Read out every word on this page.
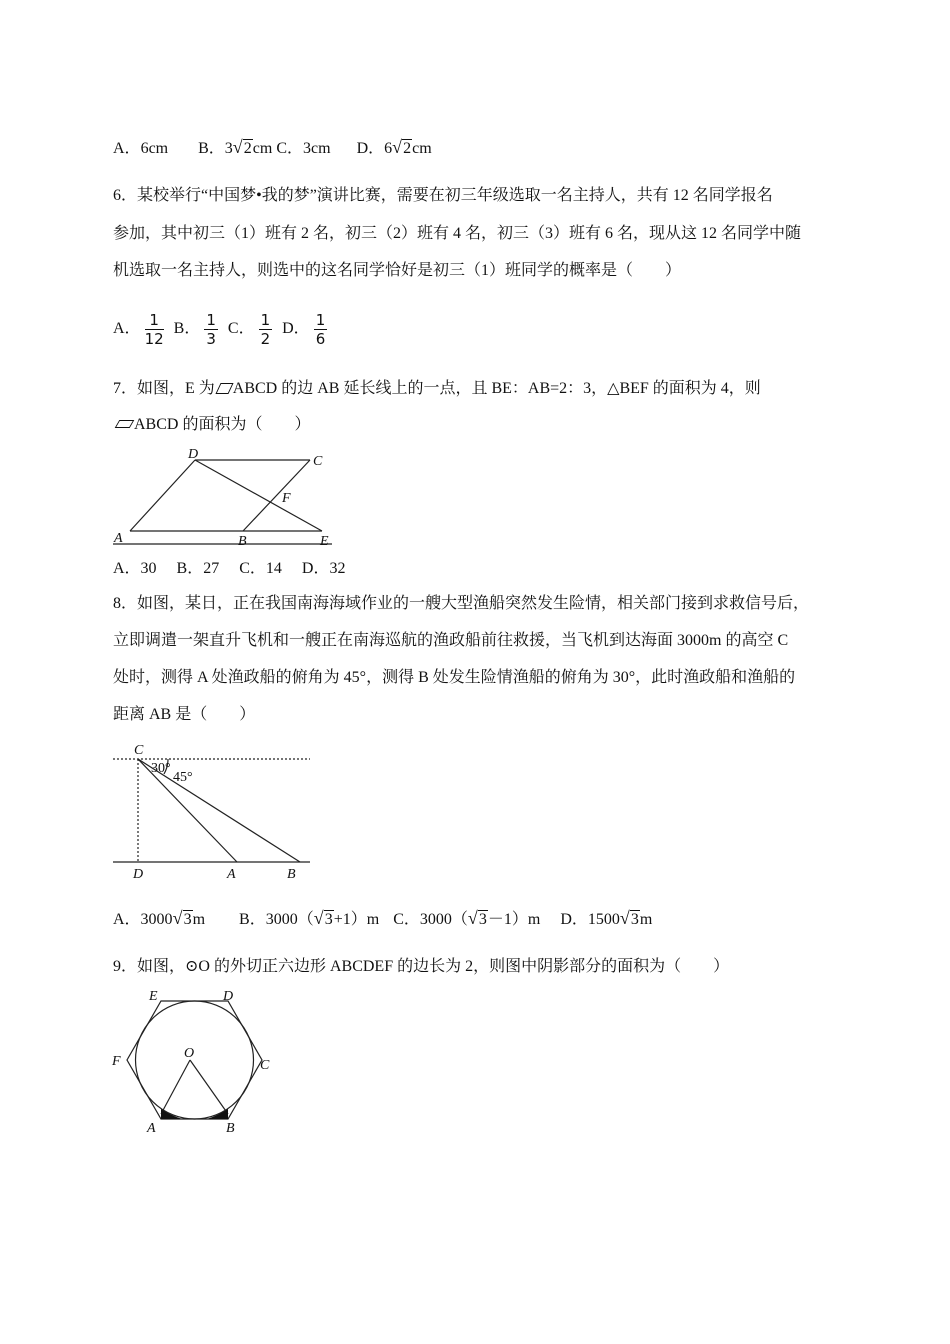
A．6cm B．3 √ 2cm C．3cm D．6 √ 2cm
6．某校举行“中国梦•我的梦”演讲比赛，需要在初三年级选取一名主持人，共有 12 名同学报名
参加，其中初三（1）班有 2 名，初三（2）班有 4 名，初三（3）班有 6 名，现从这 12 名同学中随
机选取一名主持人，则选中的这名同学恰好是初三（1）班同学的概率是（　　）
A． $\frac{1}{12}$ B． $\frac{1}{3}$ C． $\frac{1}{2}$ D． $\frac{1}{6}$
7．如图，E 为 ABCD 的边 AB 延长线上的一点，且 BE：AB=2：3，△BEF 的面积为 4，则
ABCD 的面积为（　　）
D	C
F
A	B	E
A．30　 B．27　 C．14　 D．32
8．如图，某日，正在我国南海海域作业的一艘大型渔船突然发生险情，相关部门接到求救信号后，
立即调遣一架直升飞机和一艘正在南海巡航的渔政船前往救援，当飞机到达海面 3000m 的高空 C
处时，测得 A 处渔政船的俯角为 45°，测得 B 处发生险情渔船的俯角为 30°，此时渔政船和渔船的
距离 AB 是（　　）
C
30°
45°
D	A	B
A．3000 √ 3m B．3000（ √ 3+1）m C．3000（ √ 3－1）m D．1500 √ 3m
9．如图，⊙O 的外切正六边形 ABCDEF 的边长为 2，则图中阴影部分的面积为（　　）
E	D
F
O
C
A	B
